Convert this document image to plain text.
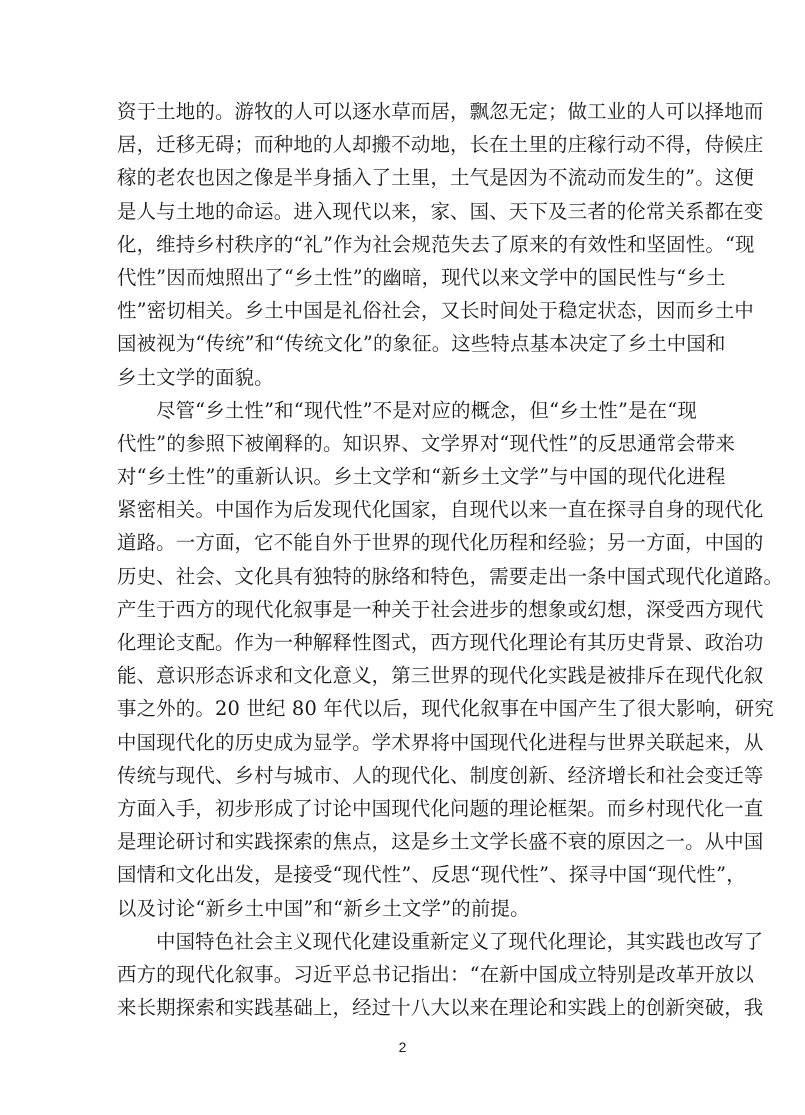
资于土地的。游牧的人可以逐水草而居，飘忽无定；做工业的人可以择地而
居，迁移无碍；而种地的人却搬不动地，长在土里的庄稼行动不得，侍候庄
稼的老农也因之像是半身插入了土里，土气是因为不流动而发生的”。这便
是人与土地的命运。进入现代以来，家、国、天下及三者的伦常关系都在变
化，维持乡村秩序的“礼”作为社会规范失去了原来的有效性和坚固性。“现
代性”因而烛照出了“乡土性”的幽暗，现代以来文学中的国民性与“乡土
性”密切相关。乡土中国是礼俗社会，又长时间处于稳定状态，因而乡土中
国被视为“传统”和“传统文化”的象征。这些特点基本决定了乡土中国和
乡土文学的面貌。
尽管“乡土性”和“现代性”不是对应的概念，但“乡土性”是在“现
代性”的参照下被阐释的。知识界、文学界对“现代性”的反思通常会带来
对“乡土性”的重新认识。乡土文学和“新乡土文学”与中国的现代化进程
紧密相关。中国作为后发现代化国家，自现代以来一直在探寻自身的现代化
道路。一方面，它不能自外于世界的现代化历程和经验；另一方面，中国的
历史、社会、文化具有独特的脉络和特色，需要走出一条中国式现代化道路。
产生于西方的现代化叙事是一种关于社会进步的想象或幻想，深受西方现代
化理论支配。作为一种解释性图式，西方现代化理论有其历史背景、政治功
能、意识形态诉求和文化意义，第三世界的现代化实践是被排斥在现代化叙
事之外的。20 世纪 80 年代以后，现代化叙事在中国产生了很大影响，研究
中国现代化的历史成为显学。学术界将中国现代化进程与世界关联起来，从
传统与现代、乡村与城市、人的现代化、制度创新、经济增长和社会变迁等
方面入手，初步形成了讨论中国现代化问题的理论框架。而乡村现代化一直
是理论研讨和实践探索的焦点，这是乡土文学长盛不衰的原因之一。从中国
国情和文化出发，是接受“现代性”、反思“现代性”、探寻中国“现代性”，
以及讨论“新乡土中国”和“新乡土文学”的前提。
中国特色社会主义现代化建设重新定义了现代化理论，其实践也改写了
西方的现代化叙事。习近平总书记指出：“在新中国成立特别是改革开放以
来长期探索和实践基础上，经过十八大以来在理论和实践上的创新突破，我
2
